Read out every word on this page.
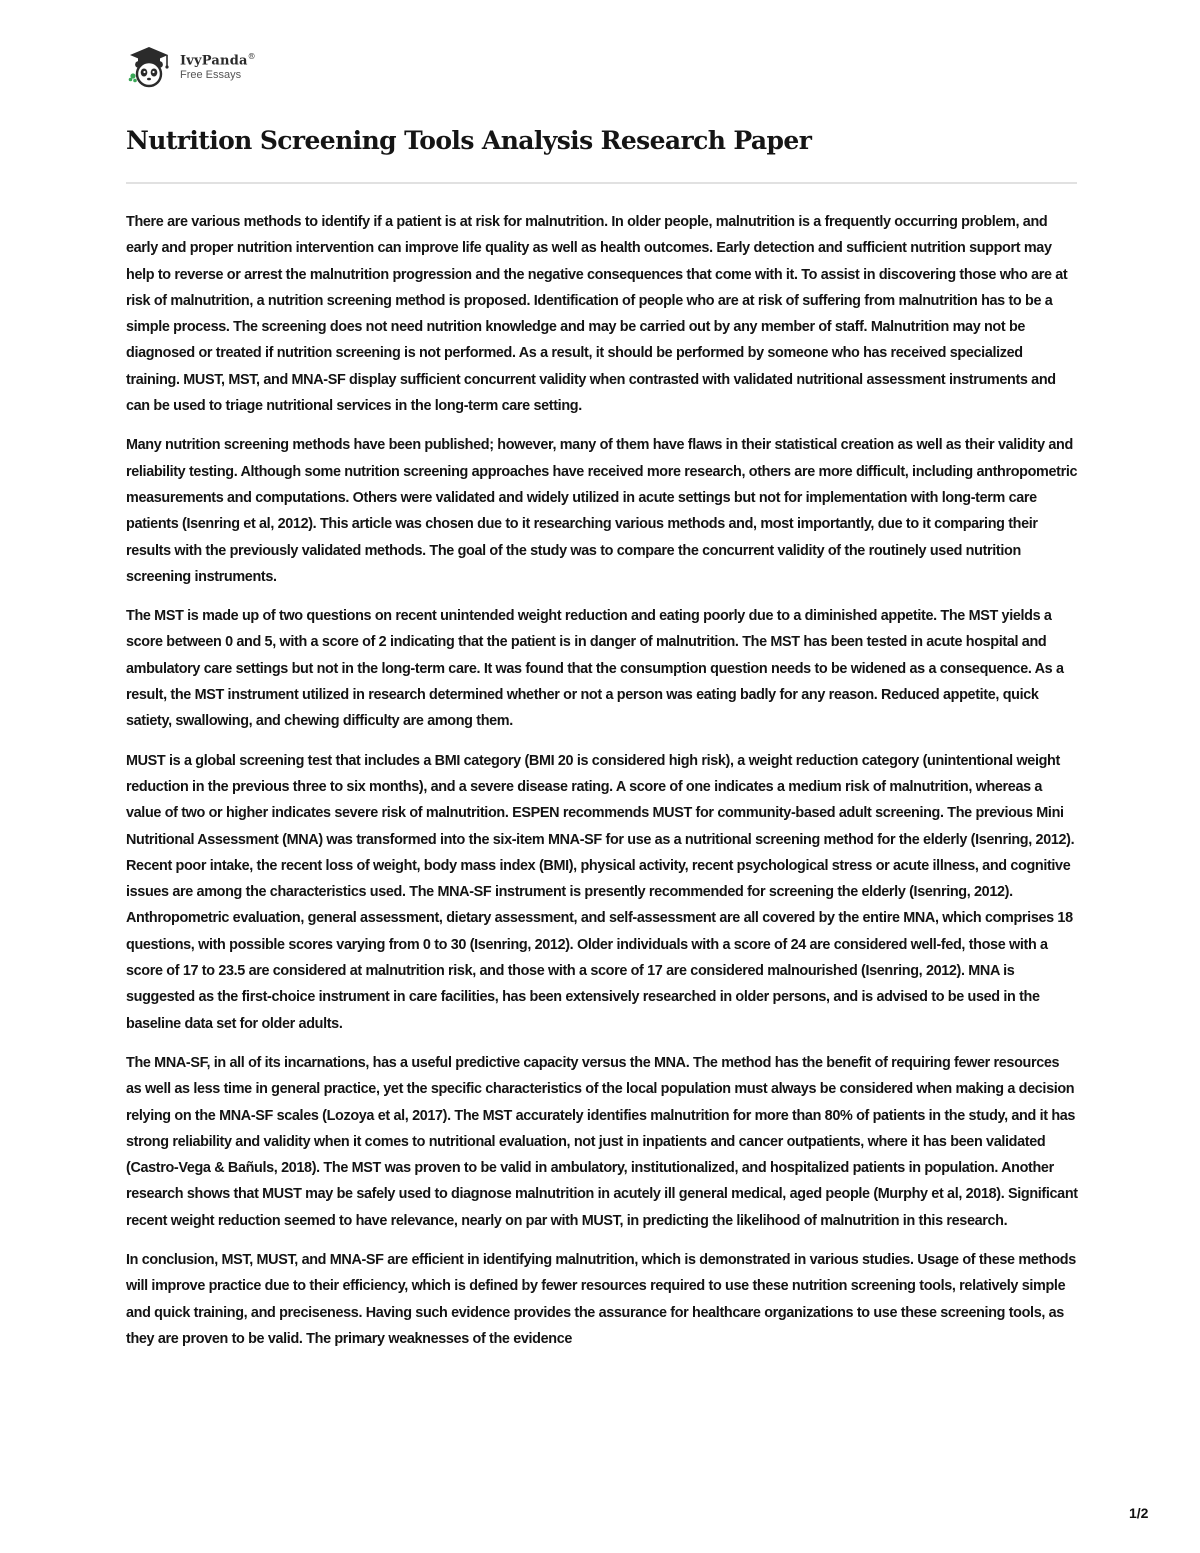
IvyPanda®
Free Essays
Nutrition Screening Tools Analysis Research Paper

There are various methods to identify if a patient is at risk for malnutrition. In older people, malnutrition is a frequently occurring problem, and early and proper nutrition intervention can improve life quality as well as health outcomes. Early detection and sufficient nutrition support may help to reverse or arrest the malnutrition progression and the negative consequences that come with it. To assist in discovering those who are at risk of malnutrition, a nutrition screening method is proposed. Identification of people who are at risk of suffering from malnutrition has to be a simple process. The screening does not need nutrition knowledge and may be carried out by any member of staff. Malnutrition may not be diagnosed or treated if nutrition screening is not performed. As a result, it should be performed by someone who has received specialized training. MUST, MST, and MNA-SF display sufficient concurrent validity when contrasted with validated nutritional assessment instruments and can be used to triage nutritional services in the long-term care setting.

Many nutrition screening methods have been published; however, many of them have flaws in their statistical creation as well as their validity and reliability testing. Although some nutrition screening approaches have received more research, others are more difficult, including anthropometric measurements and computations. Others were validated and widely utilized in acute settings but not for implementation with long-term care patients (Isenring et al, 2012). This article was chosen due to it researching various methods and, most importantly, due to it comparing their results with the previously validated methods. The goal of the study was to compare the concurrent validity of the routinely used nutrition screening instruments.

The MST is made up of two questions on recent unintended weight reduction and eating poorly due to a diminished appetite. The MST yields a score between 0 and 5, with a score of 2 indicating that the patient is in danger of malnutrition. The MST has been tested in acute hospital and ambulatory care settings but not in the long-term care. It was found that the consumption question needs to be widened as a consequence. As a result, the MST instrument utilized in research determined whether or not a person was eating badly for any reason. Reduced appetite, quick satiety, swallowing, and chewing difficulty are among them.

MUST is a global screening test that includes a BMI category (BMI 20 is considered high risk), a weight reduction category (unintentional weight reduction in the previous three to six months), and a severe disease rating. A score of one indicates a medium risk of malnutrition, whereas a value of two or higher indicates severe risk of malnutrition. ESPEN recommends MUST for community-based adult screening. The previous Mini Nutritional Assessment (MNA) was transformed into the six-item MNA-SF for use as a nutritional screening method for the elderly (Isenring, 2012). Recent poor intake, the recent loss of weight, body mass index (BMI), physical activity, recent psychological stress or acute illness, and cognitive issues are among the characteristics used. The MNA-SF instrument is presently recommended for screening the elderly (Isenring, 2012). Anthropometric evaluation, general assessment, dietary assessment, and self-assessment are all covered by the entire MNA, which comprises 18 questions, with possible scores varying from 0 to 30 (Isenring, 2012). Older individuals with a score of 24 are considered well-fed, those with a score of 17 to 23.5 are considered at malnutrition risk, and those with a score of 17 are considered malnourished (Isenring, 2012). MNA is suggested as the first-choice instrument in care facilities, has been extensively researched in older persons, and is advised to be used in the baseline data set for older adults.

The MNA-SF, in all of its incarnations, has a useful predictive capacity versus the MNA. The method has the benefit of requiring fewer resources as well as less time in general practice, yet the specific characteristics of the local population must always be considered when making a decision relying on the MNA-SF scales (Lozoya et al, 2017). The MST accurately identifies malnutrition for more than 80% of patients in the study, and it has strong reliability and validity when it comes to nutritional evaluation, not just in inpatients and cancer outpatients, where it has been validated (Castro-Vega & Bañuls, 2018). The MST was proven to be valid in ambulatory, institutionalized, and hospitalized patients in population. Another research shows that MUST may be safely used to diagnose malnutrition in acutely ill general medical, aged people (Murphy et al, 2018). Significant recent weight reduction seemed to have relevance, nearly on par with MUST, in predicting the likelihood of malnutrition in this research.

In conclusion, MST, MUST, and MNA-SF are efficient in identifying malnutrition, which is demonstrated in various studies. Usage of these methods will improve practice due to their efficiency, which is defined by fewer resources required to use these nutrition screening tools, relatively simple and quick training, and preciseness. Having such evidence provides the assurance for healthcare organizations to use these screening tools, as they are proven to be valid. The primary weaknesses of the evidence

1/2
